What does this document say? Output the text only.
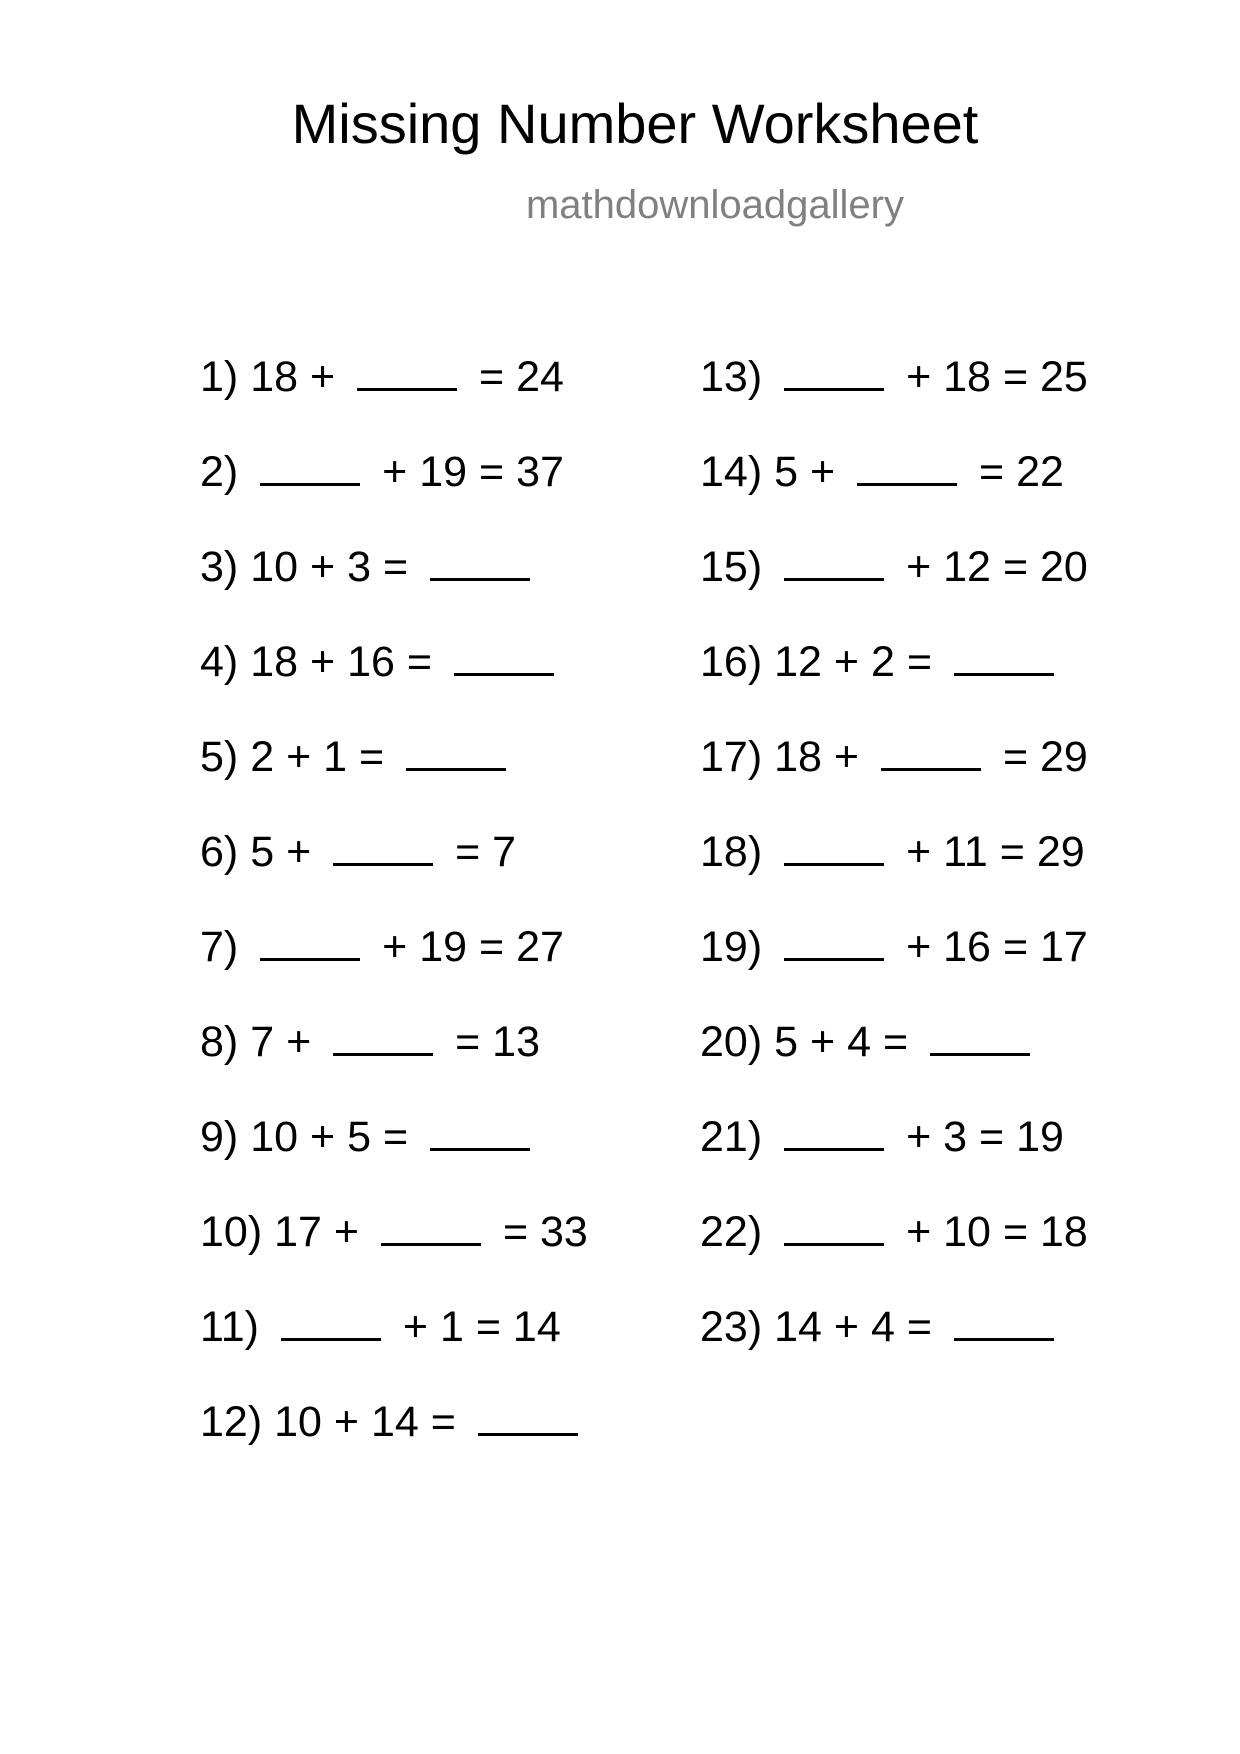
Missing Number Worksheet
mathdownloadgallery
1) 18 +	= 24
2)	+ 19 = 37
3) 10 + 3 =
4) 18 + 16 =
5) 2 + 1 =
6) 5 +	= 7
7)	+ 19 = 27
8) 7 +	= 13
9) 10 + 5 =
10) 17 +	= 33
11)	+ 1 = 14
12) 10 + 14 =
13)	+ 18 = 25
14) 5 +	= 22
15)	+ 12 = 20
16) 12 + 2 =
17) 18 +	= 29
18)	+ 11 = 29
19)	+ 16 = 17
20) 5 + 4 =
21)	+ 3 = 19
22)	+ 10 = 18
23) 14 + 4 =
